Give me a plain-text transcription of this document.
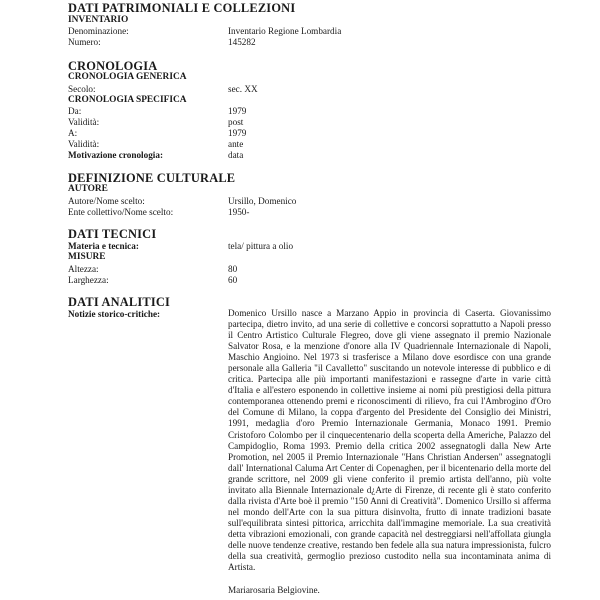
DATI PATRIMONIALI E COLLEZIONI
INVENTARIO
Denominazione:	Inventario Regione Lombardia
Numero:	145282
CRONOLOGIA
CRONOLOGIA GENERICA
Secolo:	sec. XX
CRONOLOGIA SPECIFICA
Da:	1979
Validità:	post
A:	1979
Validità:	ante
Motivazione cronologia:	data
DEFINIZIONE CULTURALE
AUTORE
Autore/Nome scelto:	Ursillo, Domenico
Ente collettivo/Nome scelto:	1950-
DATI TECNICI
Materia e tecnica:	tela/ pittura a olio
MISURE
Altezza:	80
Larghezza:	60
DATI ANALITICI
Notizie storico-critiche:	Domenico Ursillo nasce a Marzano Appio in provincia di Caserta. Giovanissimo partecipa, dietro invito, ad una serie di collettive e concorsi soprattutto a Napoli presso il Centro Artistico Culturale Flegreo, dove gli viene assegnato il premio Nazionale Salvator Rosa, e la menzione d'onore alla IV Quadriennale Internazionale di Napoli, Maschio Angioino. Nel 1973 si trasferisce a Milano dove esordisce con una grande personale alla Galleria "il Cavalletto" suscitando un notevole interesse di pubblico e di critica. Partecipa alle più importanti manifestazioni e rassegne d'arte in varie città d'Italia e all'estero esponendo in collettive insieme ai nomi più prestigiosi della pittura contemporanea ottenendo premi e riconoscimenti di rilievo, fra cui l'Ambrogino d'Oro del Comune di Milano, la coppa d'argento del Presidente del Consiglio dei Ministri, 1991, medaglia d'oro Premio Internazionale Germania, Monaco 1991. Premio Cristoforo Colombo per il cinquecentenario della scoperta della Americhe, Palazzo del Campidoglio, Roma 1993. Premio della critica 2002 assegnatogli dalla New Arte Promotion, nel 2005 il Premio Internazionale "Hans Christian Andersen" assegnatogli dall' International Caluma Art Center di Copenaghen, per il bicentenario della morte del grande scrittore, nel 2009 gli viene conferito il premio artista dell'anno, più volte invitato alla Biennale Internazionale d¿Arte di Firenze, di recente gli è stato conferito dalla rivista d'Arte boè il premio "150 Anni di Creatività". Domenico Ursillo si afferma nel mondo dell'Arte con la sua pittura disinvolta, frutto di innate tradizioni basate sull'equilibrata sintesi pittorica, arricchita dall'immagine memoriale. La sua creatività detta vibrazioni emozionali, con grande capacità nel destreggiarsi nell'affollata giungla delle nuove tendenze creative, restando ben fedele alla sua natura impressionista, fulcro della sua creatività, germoglio prezioso custodito nella sua incontaminata anima di Artista.

Mariarosaria Belgiovine.
